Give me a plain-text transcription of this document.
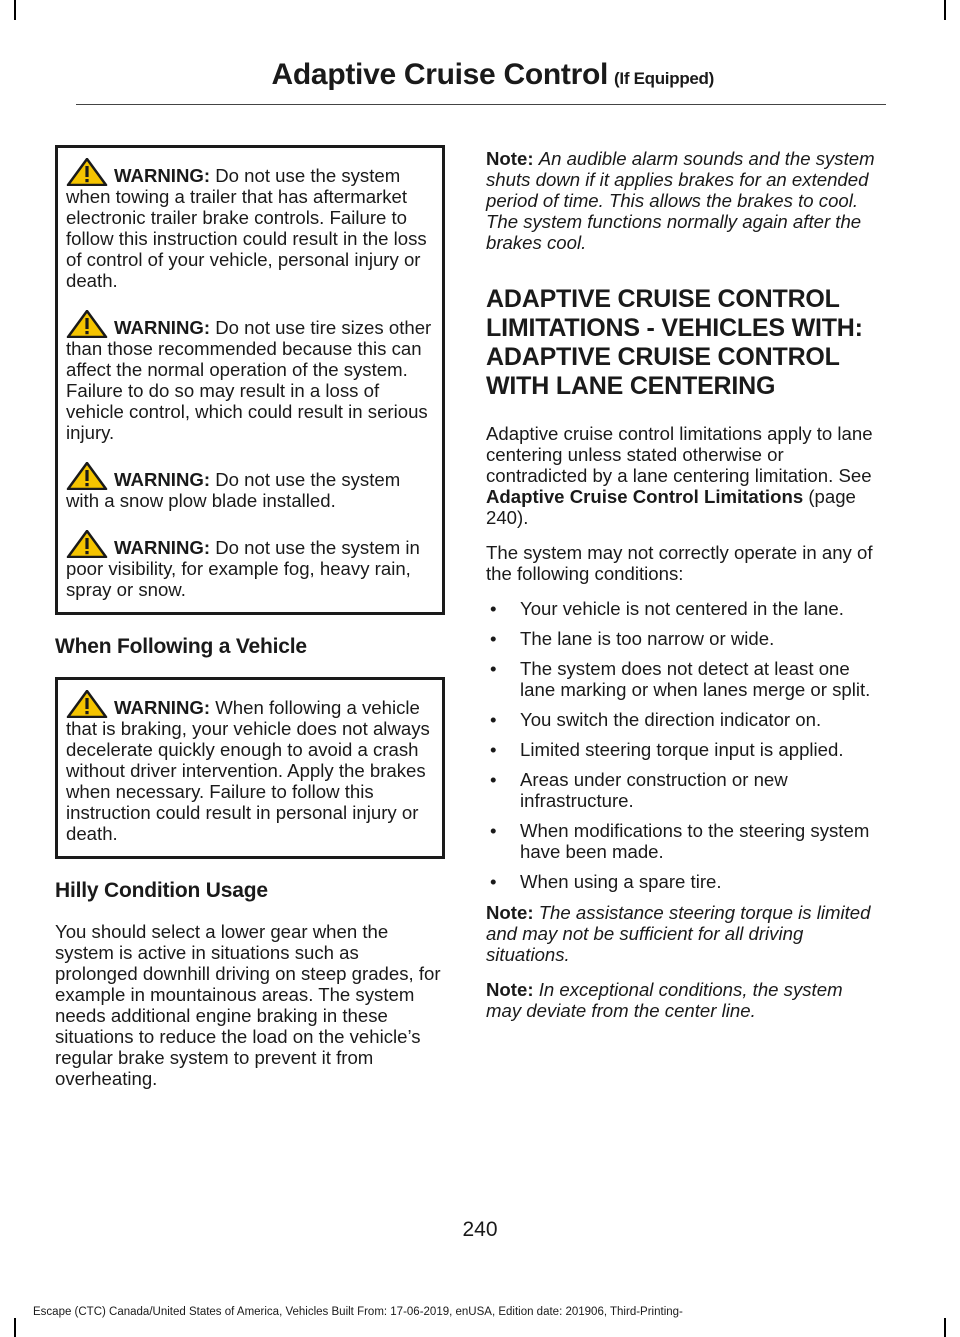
Adaptive Cruise Control (If Equipped)

WARNING: Do not use the system when towing a trailer that has aftermarket electronic trailer brake controls. Failure to follow this instruction could result in the loss of control of your vehicle, personal injury or death.

WARNING: Do not use tire sizes other than those recommended because this can affect the normal operation of the system. Failure to do so may result in a loss of vehicle control, which could result in serious injury.

WARNING: Do not use the system with a snow plow blade installed.

WARNING: Do not use the system in poor visibility, for example fog, heavy rain, spray or snow.

When Following a Vehicle

WARNING: When following a vehicle that is braking, your vehicle does not always decelerate quickly enough to avoid a crash without driver intervention. Apply the brakes when necessary. Failure to follow this instruction could result in personal injury or death.

Hilly Condition Usage

You should select a lower gear when the system is active in situations such as prolonged downhill driving on steep grades, for example in mountainous areas. The system needs additional engine braking in these situations to reduce the load on the vehicle’s regular brake system to prevent it from overheating.

Note: An audible alarm sounds and the system shuts down if it applies brakes for an extended period of time. This allows the brakes to cool. The system functions normally again after the brakes cool.

ADAPTIVE CRUISE CONTROL LIMITATIONS - VEHICLES WITH: ADAPTIVE CRUISE CONTROL WITH LANE CENTERING

Adaptive cruise control limitations apply to lane centering unless stated otherwise or contradicted by a lane centering limitation. See Adaptive Cruise Control Limitations (page 240).

The system may not correctly operate in any of the following conditions:

• Your vehicle is not centered in the lane.
• The lane is too narrow or wide.
• The system does not detect at least one lane marking or when lanes merge or split.
• You switch the direction indicator on.
• Limited steering torque input is applied.
• Areas under construction or new infrastructure.
• When modifications to the steering system have been made.
• When using a spare tire.

Note: The assistance steering torque is limited and may not be sufficient for all driving situations.

Note: In exceptional conditions, the system may deviate from the center line.

240
Escape (CTC) Canada/United States of America, Vehicles Built From: 17-06-2019, enUSA, Edition date: 201906, Third-Printing-
